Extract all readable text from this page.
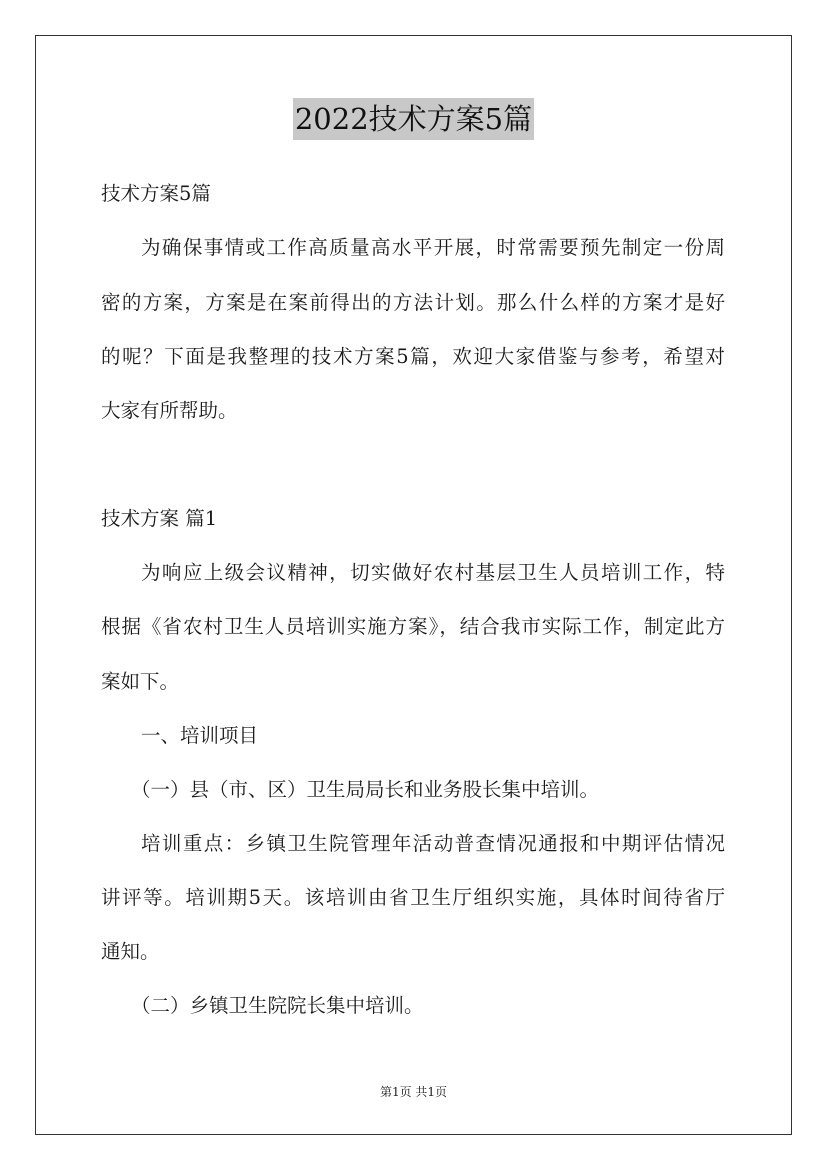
2022技术方案5篇
技术方案5篇
为确保事情或工作高质量高水平开展，时常需要预先制定一份周
密的方案，方案是在案前得出的方法计划。那么什么样的方案才是好
的呢？下面是我整理的技术方案5篇，欢迎大家借鉴与参考，希望对
大家有所帮助。
技术方案 篇1
为响应上级会议精神，切实做好农村基层卫生人员培训工作，特
根据《省农村卫生人员培训实施方案》，结合我市实际工作，制定此方
案如下。
一、培训项目
（一）县（市、区）卫生局局长和业务股长集中培训。
培训重点：乡镇卫生院管理年活动普查情况通报和中期评估情况
讲评等。培训期5天。该培训由省卫生厅组织实施，具体时间待省厅
通知。
（二）乡镇卫生院院长集中培训。
第1页 共1页
